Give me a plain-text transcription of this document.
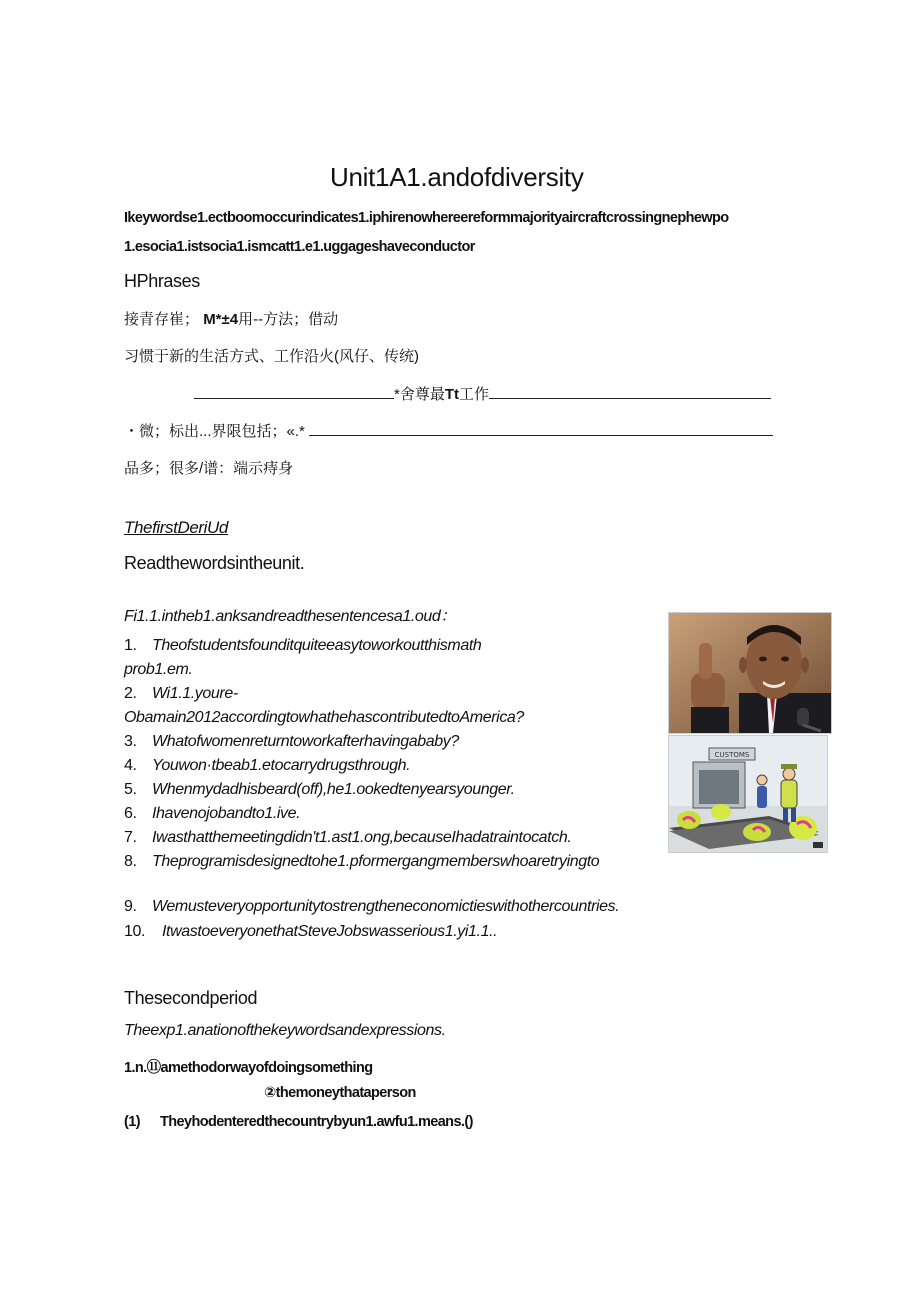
Unit1A1.andofdiversity
Ikeywordse1.ectboomoccurindicates1.iphirenowhereereformmajorityaircraftcrossingnephewpo
1.esocia1.istsocia1.ismcatt1.e1.uggageshaveconductor
HPhrases
接青存崔； M*±4用--方法；借动
习惯于新的生活方式、工作沿火(风仔、传统)
*舍尊最Tt工作
・微；标出...界限包括；«.*
品多；很多/谱：端示痔身
ThefirstDeriUd
Readthewordsintheunit.
Fi1.1.intheb1.anksandreadthesentencesa1.oud：
1. Theofstudentsfounditquiteeasytoworkoutthismath
prob1.em.
2. Wi1.1.youre-
Obamain2012accordingtowhathehascontributedtoAmerica?
3. Whatofwomenreturntoworkafterhavingababy?
4. Youwon·tbeab1.etocarrydrugsthrough.
5. Whenmydadhisbeard(off),he1.ookedtenyearsyounger.
6. Ihavenojobandto1.ive.
7. Iwasthatthemeetingdidn't1.ast1.ong,becauseIhadatraintocatch.
8. Theprogramisdesignedtohe1.pformergangmemberswhoaretryingto
9. Wemusteveryopportunitytostrengtheneconomictieswithothercountries.
10. ItwastoeveryonethatSteveJobswasserious1.yi1.1..
CUSTOMS
Thesecondperiod
Theexp1.anationofthekeywordsandexpressions.
1.n.⑪amethodorwayofdoingsomething
②themoneythataperson
(1) Theyhodenteredthecountrybyun1.awfu1.means.()
